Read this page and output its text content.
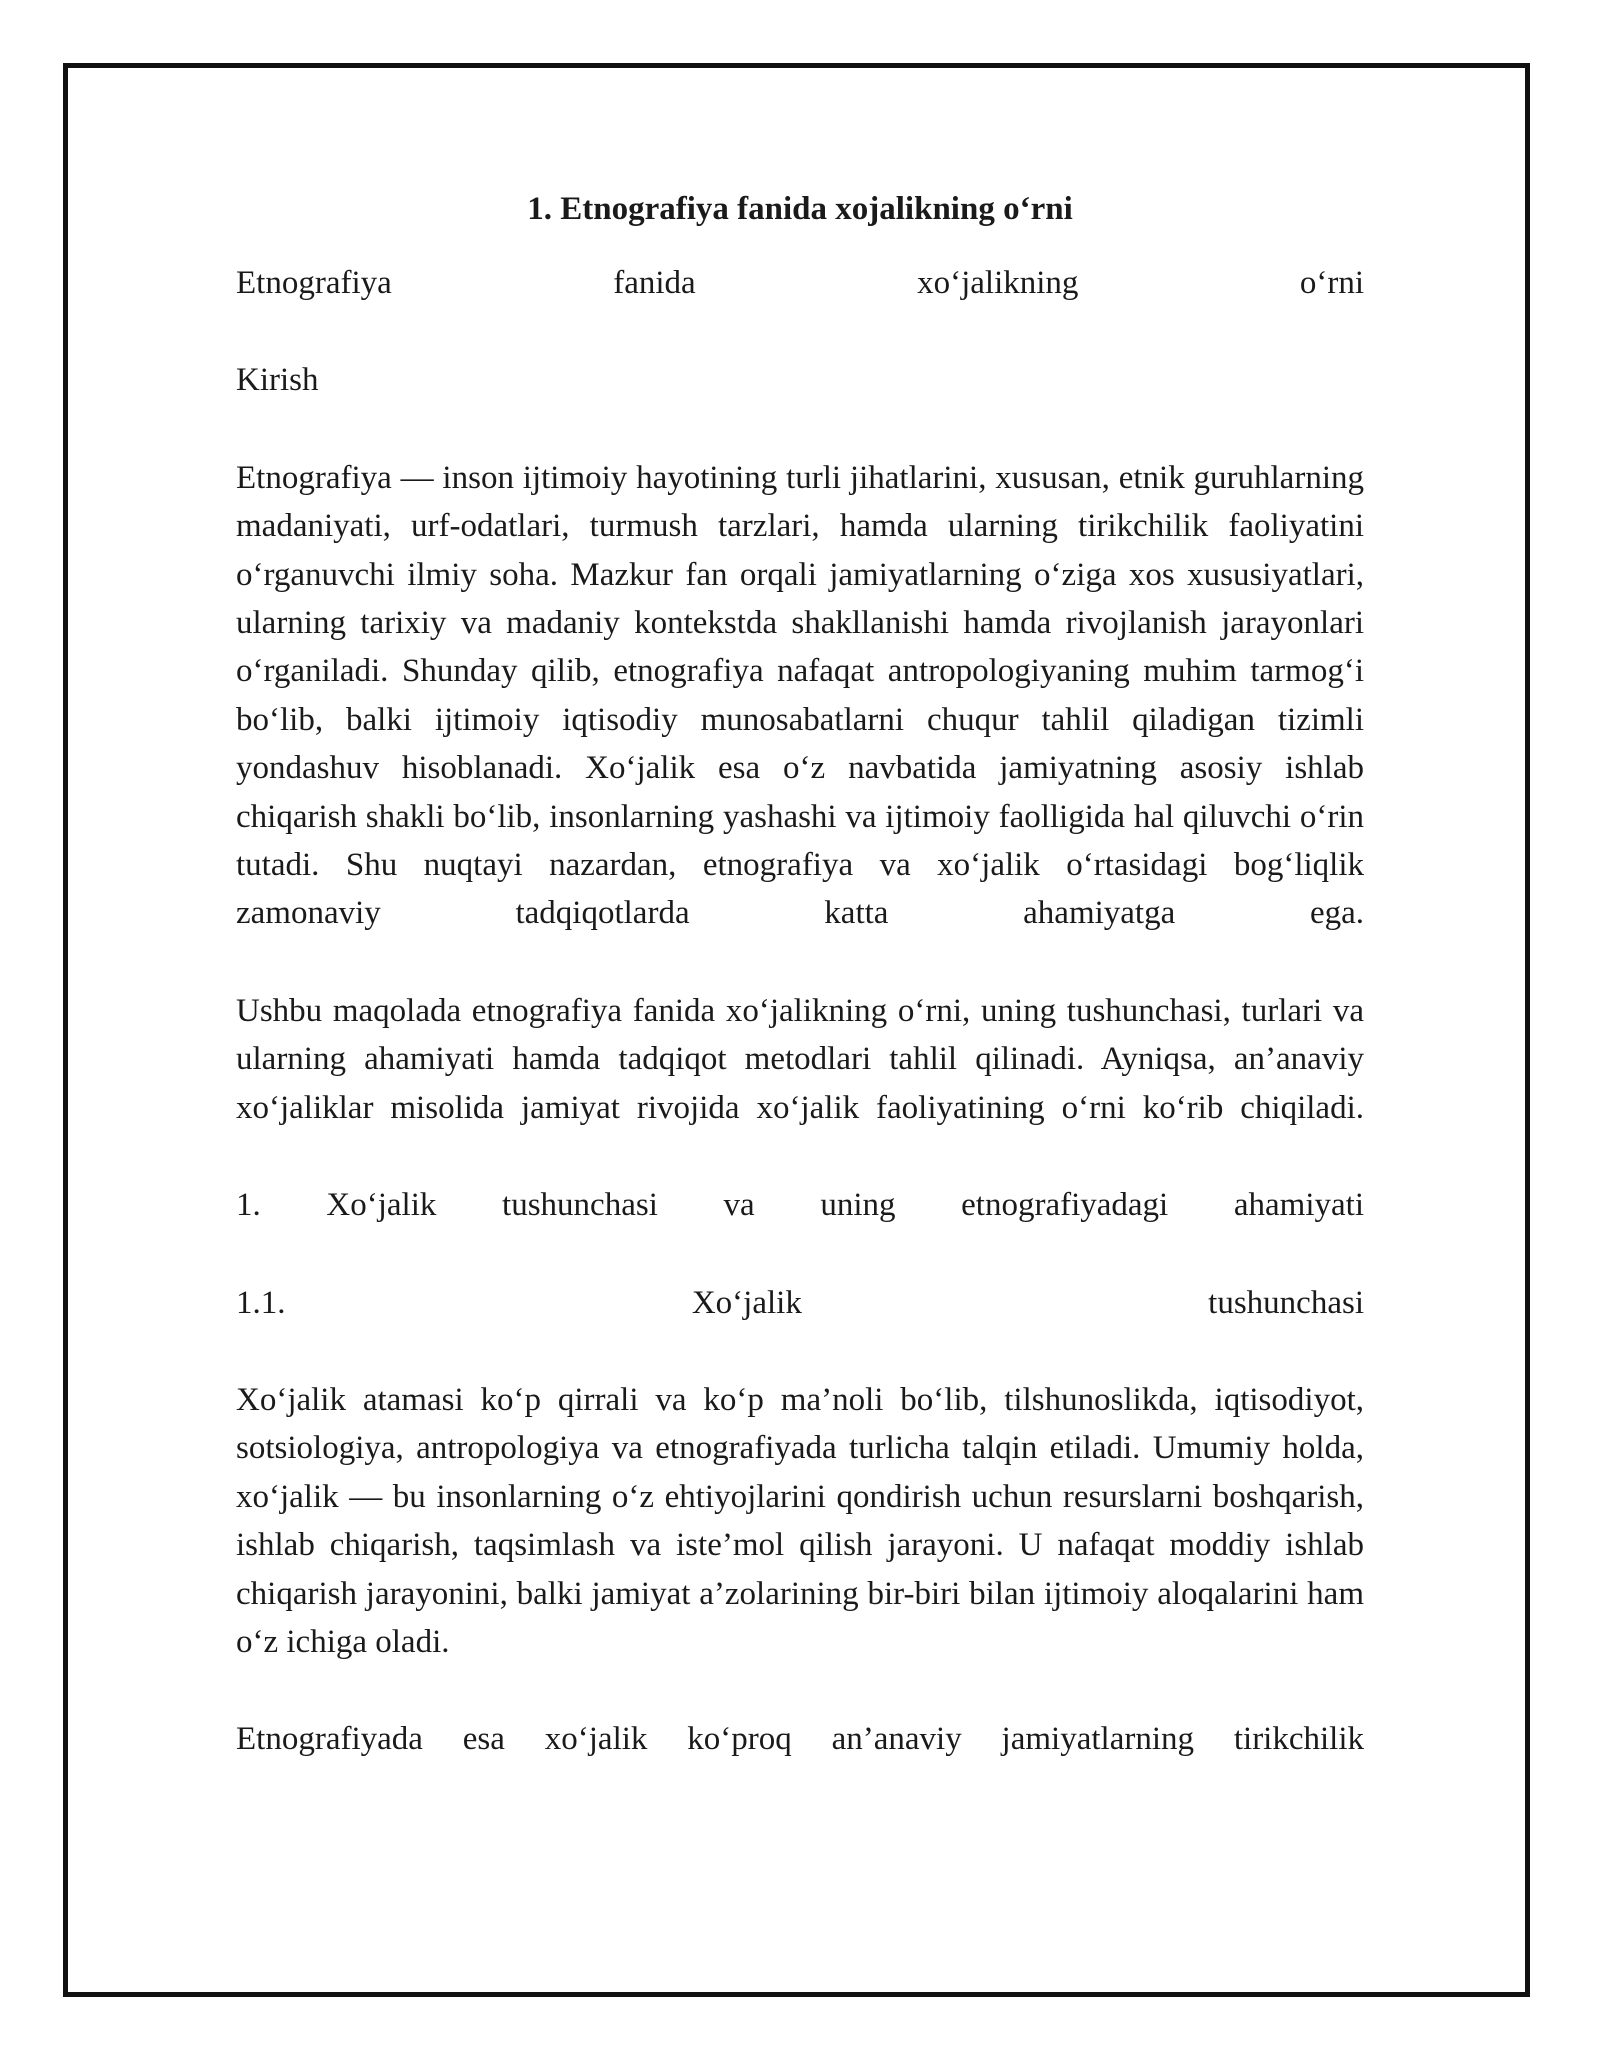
1. Etnografiya fanida xojalikning o‘rni

Etnografiya fanida xo‘jalikning o‘rni

Kirish

Etnografiya — inson ijtimoiy hayotining turli jihatlarini, xususan, etnik guruhlarning madaniyati, urf-odatlari, turmush tarzlari, hamda ularning tirikchilik faoliyatini o‘rganuvchi ilmiy soha. Mazkur fan orqali jamiyatlarning o‘ziga xos xususiyatlari, ularning tarixiy va madaniy kontekstda shakllanishi hamda rivojlanish jarayonlari o‘rganiladi. Shunday qilib, etnografiya nafaqat antropologiyaning muhim tarmog‘i bo‘lib, balki ijtimoiy iqtisodiy munosabatlarni chuqur tahlil qiladigan tizimli yondashuv hisoblanadi. Xo‘jalik esa o‘z navbatida jamiyatning asosiy ishlab chiqarish shakli bo‘lib, insonlarning yashashi va ijtimoiy faolligida hal qiluvchi o‘rin tutadi. Shu nuqtayi nazardan, etnografiya va xo‘jalik o‘rtasidagi bog‘liqlik zamonaviy tadqiqotlarda katta ahamiyatga ega.

Ushbu maqolada etnografiya fanida xo‘jalikning o‘rni, uning tushunchasi, turlari va ularning ahamiyati hamda tadqiqot metodlari tahlil qilinadi. Ayniqsa, an’anaviy xo‘jaliklar misolida jamiyat rivojida xo‘jalik faoliyatining o‘rni ko‘rib chiqiladi.

1. Xo‘jalik tushunchasi va uning etnografiyadagi ahamiyati

1.1. Xo‘jalik tushunchasi

Xo‘jalik atamasi ko‘p qirrali va ko‘p ma’noli bo‘lib, tilshunoslikda, iqtisodiyot, sotsiologiya, antropologiya va etnografiyada turlicha talqin etiladi. Umumiy holda, xo‘jalik — bu insonlarning o‘z ehtiyojlarini qondirish uchun resurslarni boshqarish, ishlab chiqarish, taqsimlash va iste’mol qilish jarayoni. U nafaqat moddiy ishlab chiqarish jarayonini, balki jamiyat a’zolarining bir-biri bilan ijtimoiy aloqalarini ham o‘z ichiga oladi.

Etnografiyada esa xo‘jalik ko‘proq an’anaviy jamiyatlarning tirikchilik
